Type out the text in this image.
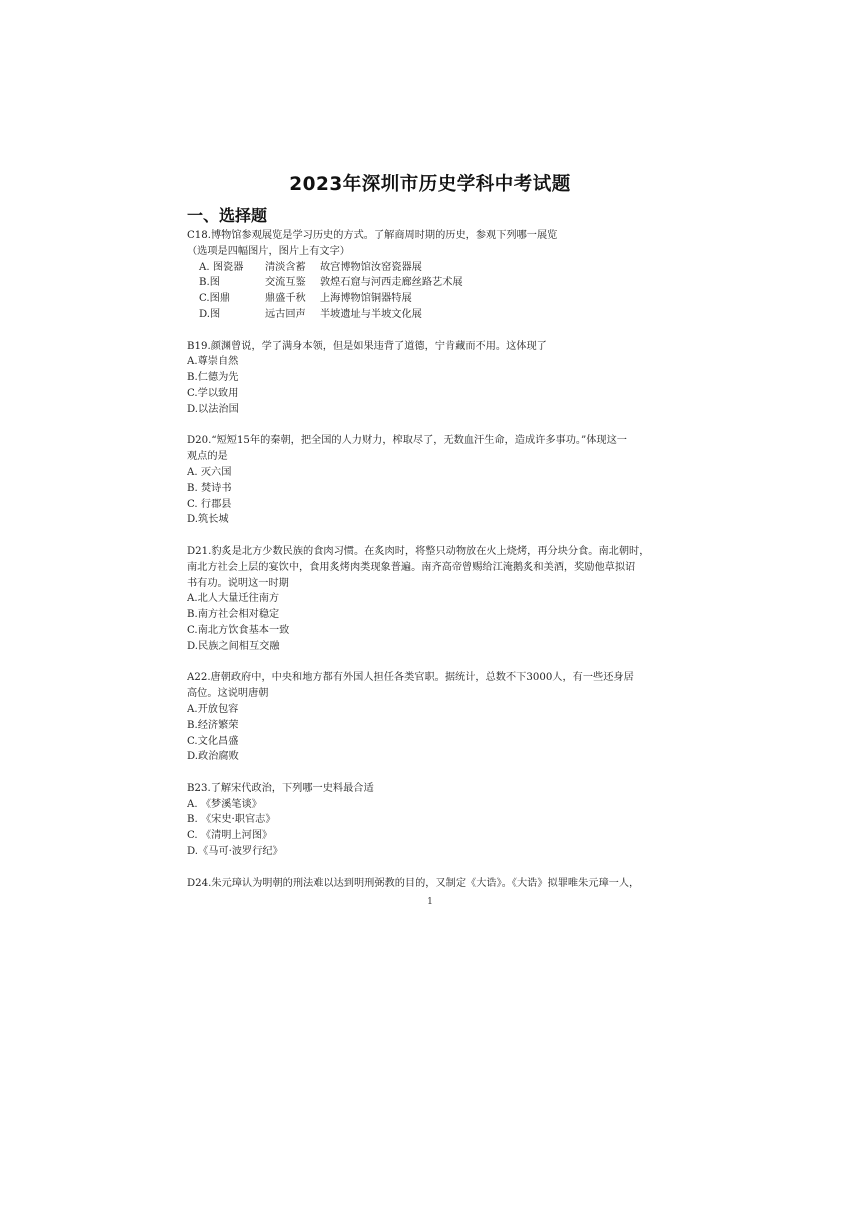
2023年深圳市历史学科中考试题
一、选择题
C18.博物馆参观展览是学习历史的方式。了解商周时期的历史，参观下列哪一展览
（选项是四幅图片，图片上有文字）
A. 图瓷器	清淡含蓄	故宫博物馆汝窑瓷器展
B.图	交流互鉴	敦煌石窟与河西走廊丝路艺术展
C.图鼎	鼎盛千秋	上海博物馆铜器特展
D.图	远古回声	半坡遗址与半坡文化展
B19.颜渊曾说，学了满身本领，但是如果违背了道德，宁肯藏而不用。这体现了
A.尊崇自然
B.仁德为先
C.学以致用
D.以法治国
D20.“短短15年的秦朝，把全国的人力财力，榨取尽了，无数血汗生命，造成许多事功。”体现这一
观点的是
A. 灭六国
B. 焚诗书
C. 行郡县
D.筑长城
D21.豹炙是北方少数民族的食肉习惯。在炙肉时，将整只动物放在火上烧烤，再分块分食。南北朝时，
南北方社会上层的宴饮中，食用炙烤肉类现象普遍。南齐高帝曾赐给江淹鹅炙和美酒，奖励他草拟诏
书有功。说明这一时期
A.北人大量迁往南方
B.南方社会相对稳定
C.南北方饮食基本一致
D.民族之间相互交融
A22.唐朝政府中，中央和地方都有外国人担任各类官职。据统计，总数不下3000人，有一些还身居
高位。这说明唐朝
A.开放包容
B.经济繁荣
C.文化昌盛
D.政治腐败
B23.了解宋代政治，下列哪一史料最合适
A. 《梦溪笔谈》
B. 《宋史·职官志》
C. 《清明上河图》
D.《马可·波罗行纪》
D24.朱元璋认为明朝的刑法难以达到明刑弼教的目的，又制定《大诰》。《大诰》拟罪唯朱元璋一人，
1
